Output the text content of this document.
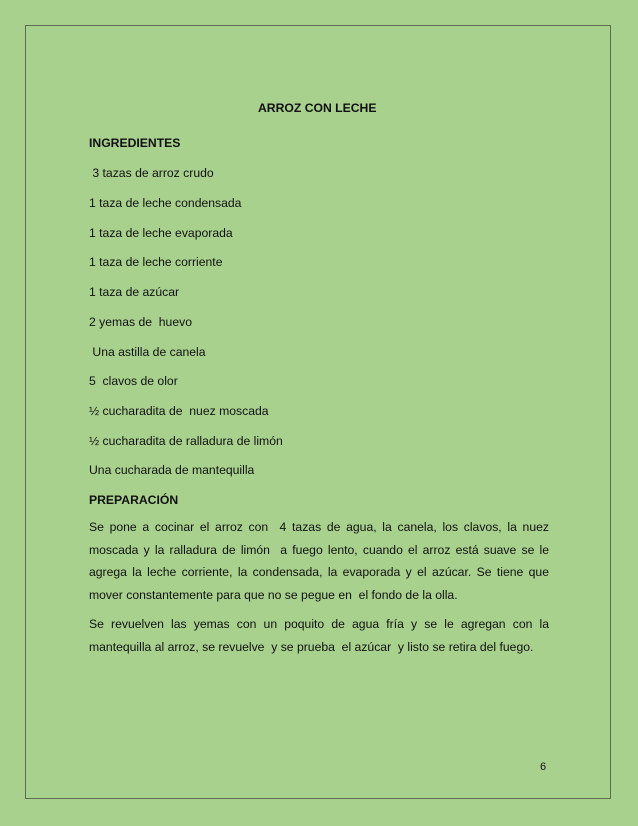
ARROZ CON LECHE
INGREDIENTES
3 tazas de arroz crudo
1 taza de leche condensada
1 taza de leche evaporada
1 taza de leche corriente
1 taza de azúcar
2 yemas de  huevo
Una astilla de canela
5  clavos de olor
½ cucharadita de  nuez moscada
½ cucharadita de ralladura de limón
Una cucharada de mantequilla
PREPARACIÓN
Se pone a cocinar el arroz con  4 tazas de agua, la canela, los clavos, la nuez moscada y la ralladura de limón  a fuego lento, cuando el arroz está suave se le agrega la leche corriente, la condensada, la evaporada y el azúcar. Se tiene que mover constantemente para que no se pegue en  el fondo de la olla.
Se revuelven las yemas con un poquito de agua fría y se le agregan con la mantequilla al arroz, se revuelve  y se prueba  el azúcar  y listo se retira del fuego.
6
